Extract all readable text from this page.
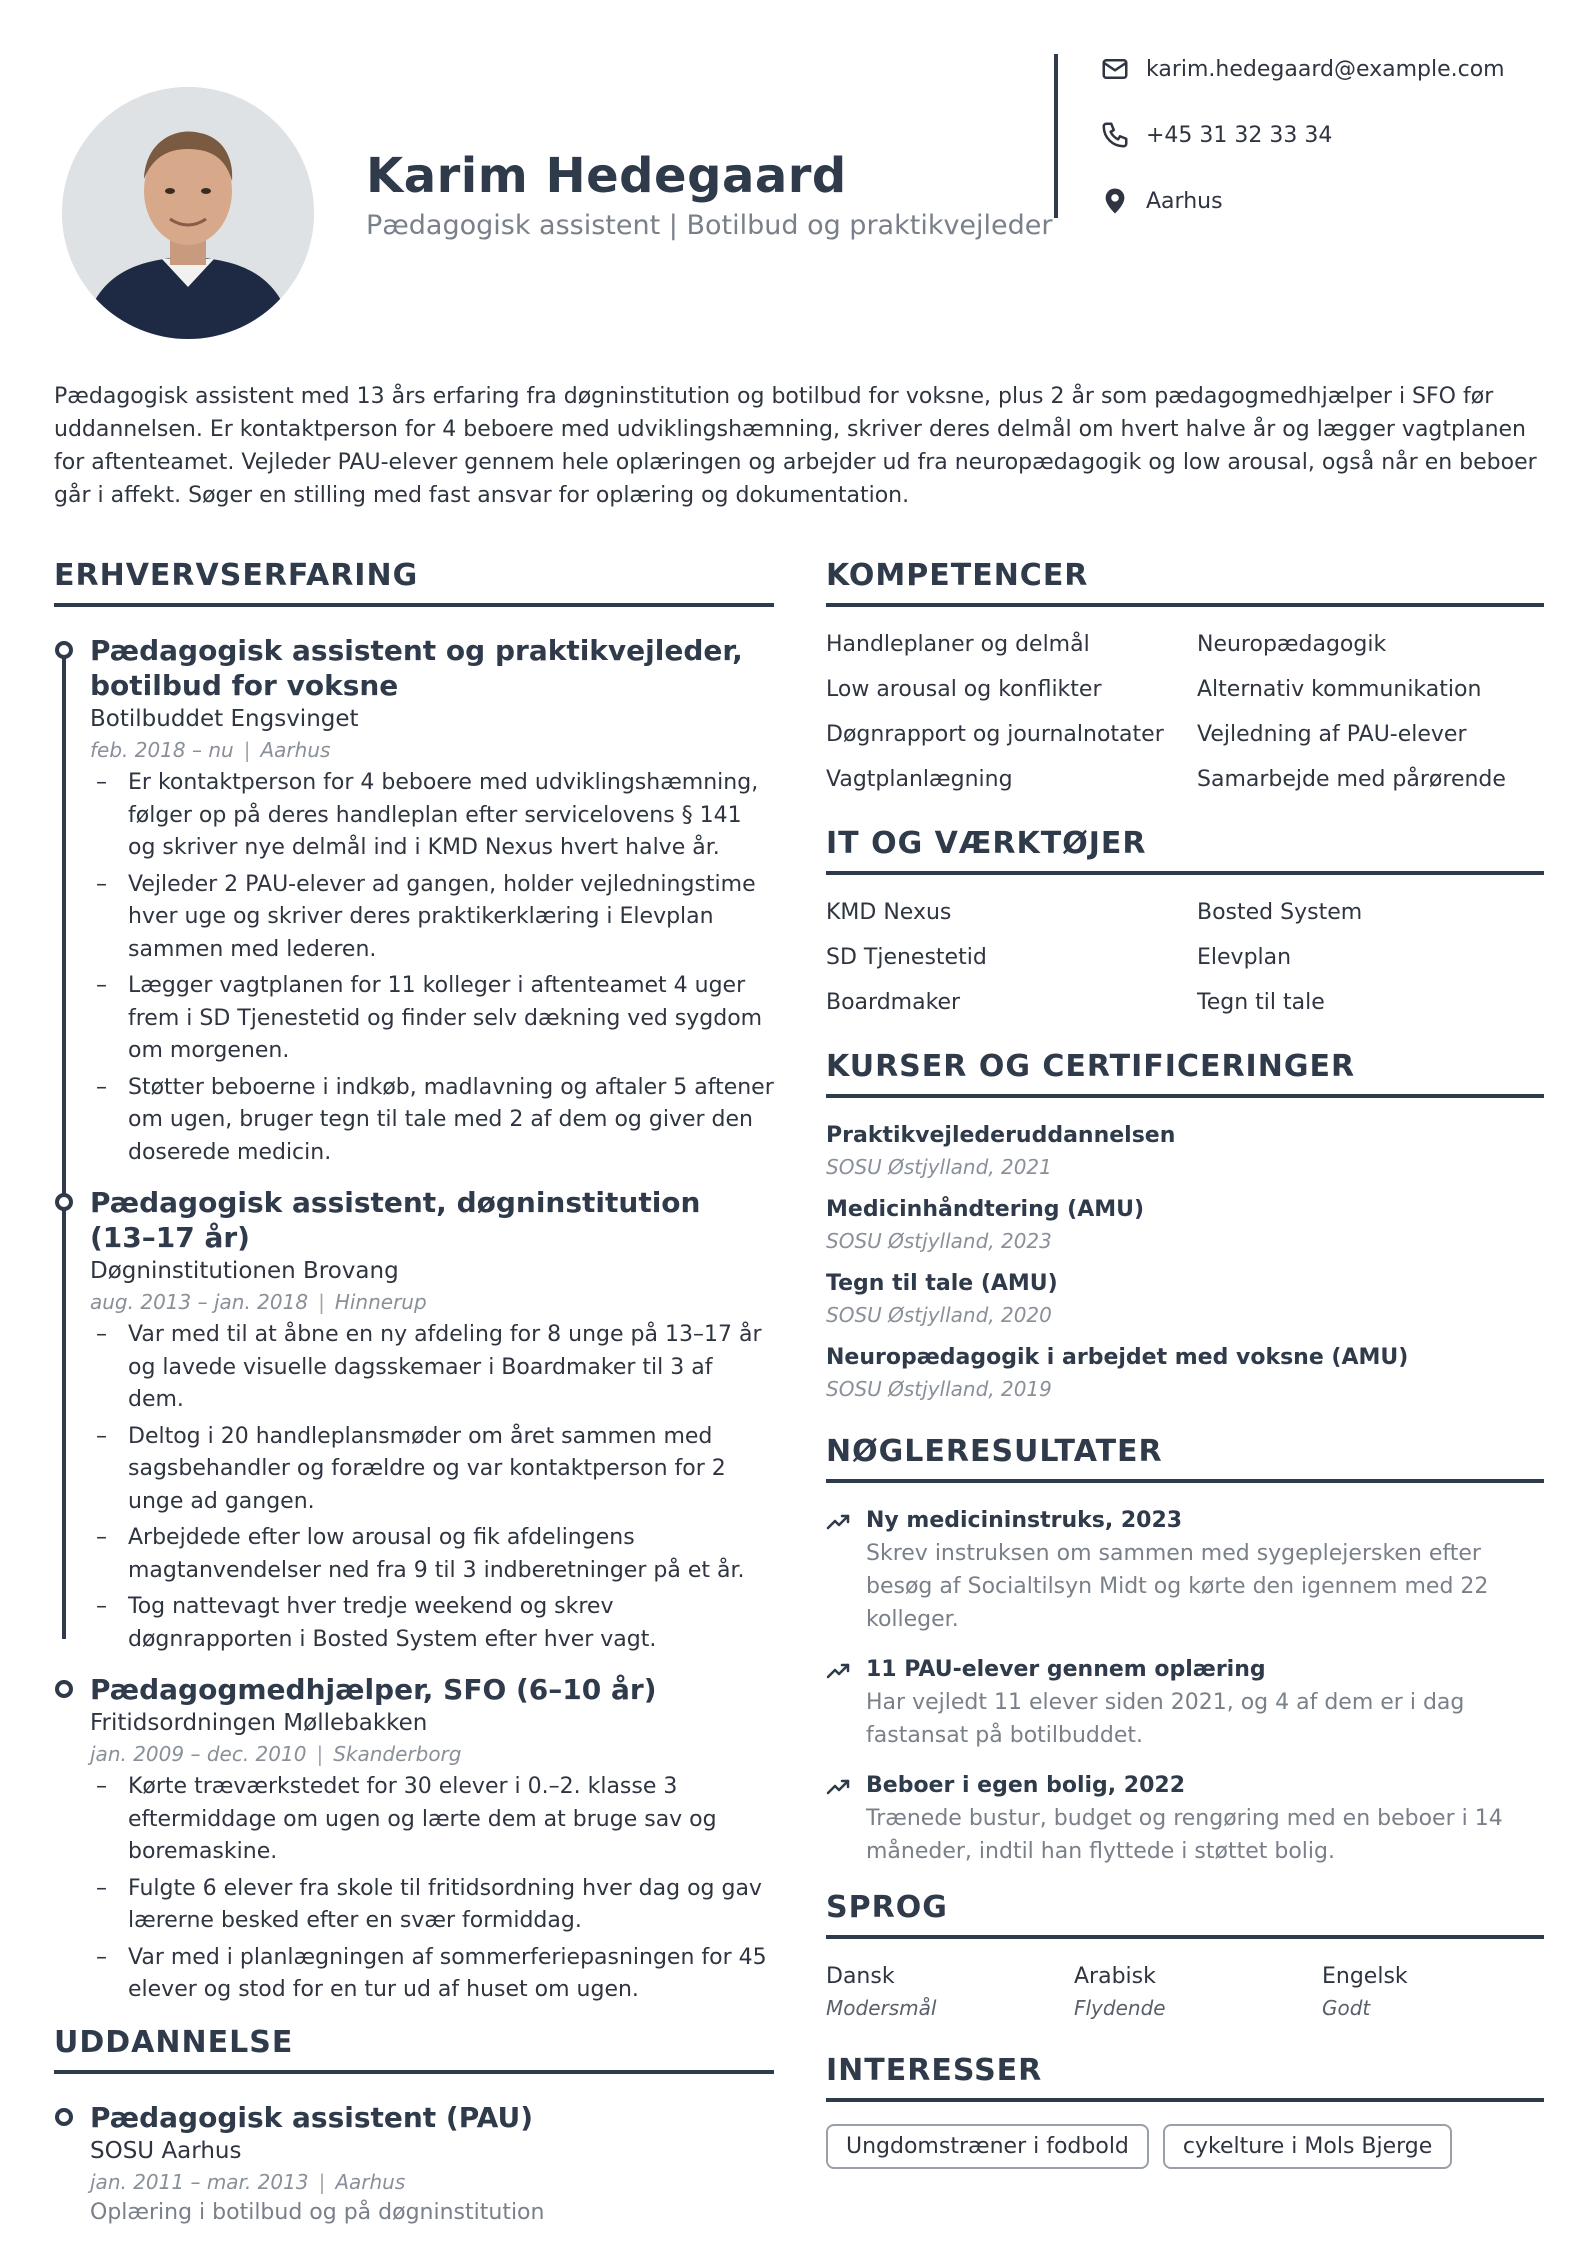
Karim Hedegaard
Pædagogisk assistent | Botilbud og praktikvejleder
karim.hedegaard@example.com
+45 31 32 33 34
Aarhus

Pædagogisk assistent med 13 års erfaring fra døgninstitution og botilbud for voksne, plus 2 år som pædagogmedhjælper i SFO før uddannelsen. Er kontaktperson for 4 beboere med udviklingshæmning, skriver deres delmål om hvert halve år og lægger vagtplanen for aftenteamet. Vejleder PAU-elever gennem hele oplæringen og arbejder ud fra neuropædagogik og low arousal, også når en beboer går i affekt. Søger en stilling med fast ansvar for oplæring og dokumentation.

ERHVERVSERFARING
Pædagogisk assistent og praktikvejleder, botilbud for voksne
Botilbuddet Engsvinget
feb. 2018 – nu | Aarhus
– Er kontaktperson for 4 beboere med udviklingshæmning, følger op på deres handleplan efter servicelovens § 141 og skriver nye delmål ind i KMD Nexus hvert halve år.
– Vejleder 2 PAU-elever ad gangen, holder vejledningstime hver uge og skriver deres praktikerklæring i Elevplan sammen med lederen.
– Lægger vagtplanen for 11 kolleger i aftenteamet 4 uger frem i SD Tjenestetid og finder selv dækning ved sygdom om morgenen.
– Støtter beboerne i indkøb, madlavning og aftaler 5 aftener om ugen, bruger tegn til tale med 2 af dem og giver den doserede medicin.
Pædagogisk assistent, døgninstitution (13–17 år)
Døgninstitutionen Brovang
aug. 2013 – jan. 2018 | Hinnerup
– Var med til at åbne en ny afdeling for 8 unge på 13–17 år og lavede visuelle dagsskemaer i Boardmaker til 3 af dem.
– Deltog i 20 handleplansmøder om året sammen med sagsbehandler og forældre og var kontaktperson for 2 unge ad gangen.
– Arbejdede efter low arousal og fik afdelingens magtanvendelser ned fra 9 til 3 indberetninger på et år.
– Tog nattevagt hver tredje weekend og skrev døgnrapporten i Bosted System efter hver vagt.
Pædagogmedhjælper, SFO (6–10 år)
Fritidsordningen Møllebakken
jan. 2009 – dec. 2010 | Skanderborg
– Kørte træværkstedet for 30 elever i 0.–2. klasse 3 eftermiddage om ugen og lærte dem at bruge sav og boremaskine.
– Fulgte 6 elever fra skole til fritidsordning hver dag og gav lærerne besked efter en svær formiddag.
– Var med i planlægningen af sommerferiepasningen for 45 elever og stod for en tur ud af huset om ugen.
UDDANNELSE
Pædagogisk assistent (PAU)
SOSU Aarhus
jan. 2011 – mar. 2013 | Aarhus
Oplæring i botilbud og på døgninstitution
KOMPETENCER
Handleplaner og delmål	Neuropædagogik
Low arousal og konflikter	Alternativ kommunikation
Døgnrapport og journalnotater	Vejledning af PAU-elever
Vagtplanlægning	Samarbejde med pårørende
IT OG VÆRKTØJER
KMD Nexus	Bosted System
SD Tjenestetid	Elevplan
Boardmaker	Tegn til tale
KURSER OG CERTIFICERINGER
Praktikvejlederuddannelsen
SOSU Østjylland, 2021
Medicinhåndtering (AMU)
SOSU Østjylland, 2023
Tegn til tale (AMU)
SOSU Østjylland, 2020
Neuropædagogik i arbejdet med voksne (AMU)
SOSU Østjylland, 2019
NØGLERESULTATER
Ny medicininstruks, 2023
Skrev instruksen om sammen med sygeplejersken efter besøg af Socialtilsyn Midt og kørte den igennem med 22 kolleger.
11 PAU-elever gennem oplæring
Har vejledt 11 elever siden 2021, og 4 af dem er i dag fastansat på botilbuddet.
Beboer i egen bolig, 2022
Trænede bustur, budget og rengøring med en beboer i 14 måneder, indtil han flyttede i støttet bolig.
SPROG
Dansk
Modersmål
Arabisk
Flydende
Engelsk
Godt
INTERESSER
Ungdomstræner i fodbold	cykelture i Mols Bjerge
